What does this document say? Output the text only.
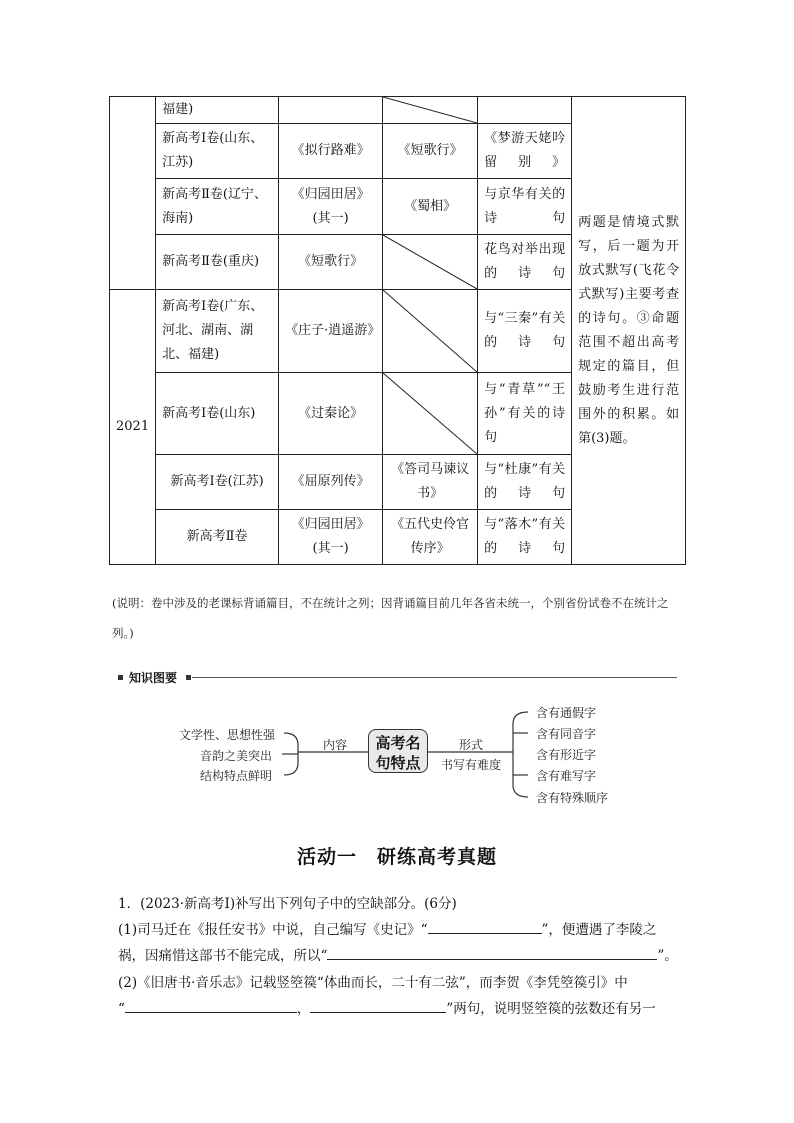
	福建)				两题是情境式默写，后一题为开放式默写(飞花令式默写)主要考查的诗句。③命题范围不超出高考规定的篇目，但鼓励考生进行范围外的积累。如第(3)题。
	新高考Ⅰ卷(山东、江苏)	《拟行路难》	《短歌行》	《梦游天姥吟留别》	
	新高考Ⅱ卷(辽宁、海南)	《归园田居》(其一)	《蜀相》	与京华有关的诗句	
	新高考Ⅱ卷(重庆)	《短歌行》		花鸟对举出现的诗句	
2021	新高考Ⅰ卷(广东、河北、湖南、湖北、福建)	《庄子·逍遥游》		与“三秦”有关的诗句	
	新高考Ⅰ卷(山东)	《过秦论》		与“青草”“王孙”有关的诗句	
	新高考Ⅰ卷(江苏)	《屈原列传》	《答司马谏议书》	与“杜康”有关的诗句	
	新高考Ⅱ卷	《归园田居》(其一)	《五代史伶官传序》	与“落木”有关的诗句	
(说明：卷中涉及的老课标背诵篇目，不在统计之列；因背诵篇目前几年各省未统一，个别省份试卷不在统计之列。)
知识图要
文学性、思想性强
音韵之美突出
结构特点鲜明
内容	高考名
句特点
形式
书写有难度
含有通假字
含有同音字
含有形近字
含有难写字
含有特殊顺序
活动一　研练高考真题
1．(2023·新高考Ⅰ)补写出下列句子中的空缺部分。(6分)
(1)司马迁在《报任安书》中说，自己编写《史记》“	”，便遭遇了李陵之
祸，因痛惜这部书不能完成，所以“	”。
(2)《旧唐书·音乐志》记载竖箜篌“体曲而长，二十有二弦”，而李贺《李凭箜篌引》中
“	，	”两句，说明竖箜篌的弦数还有另一
